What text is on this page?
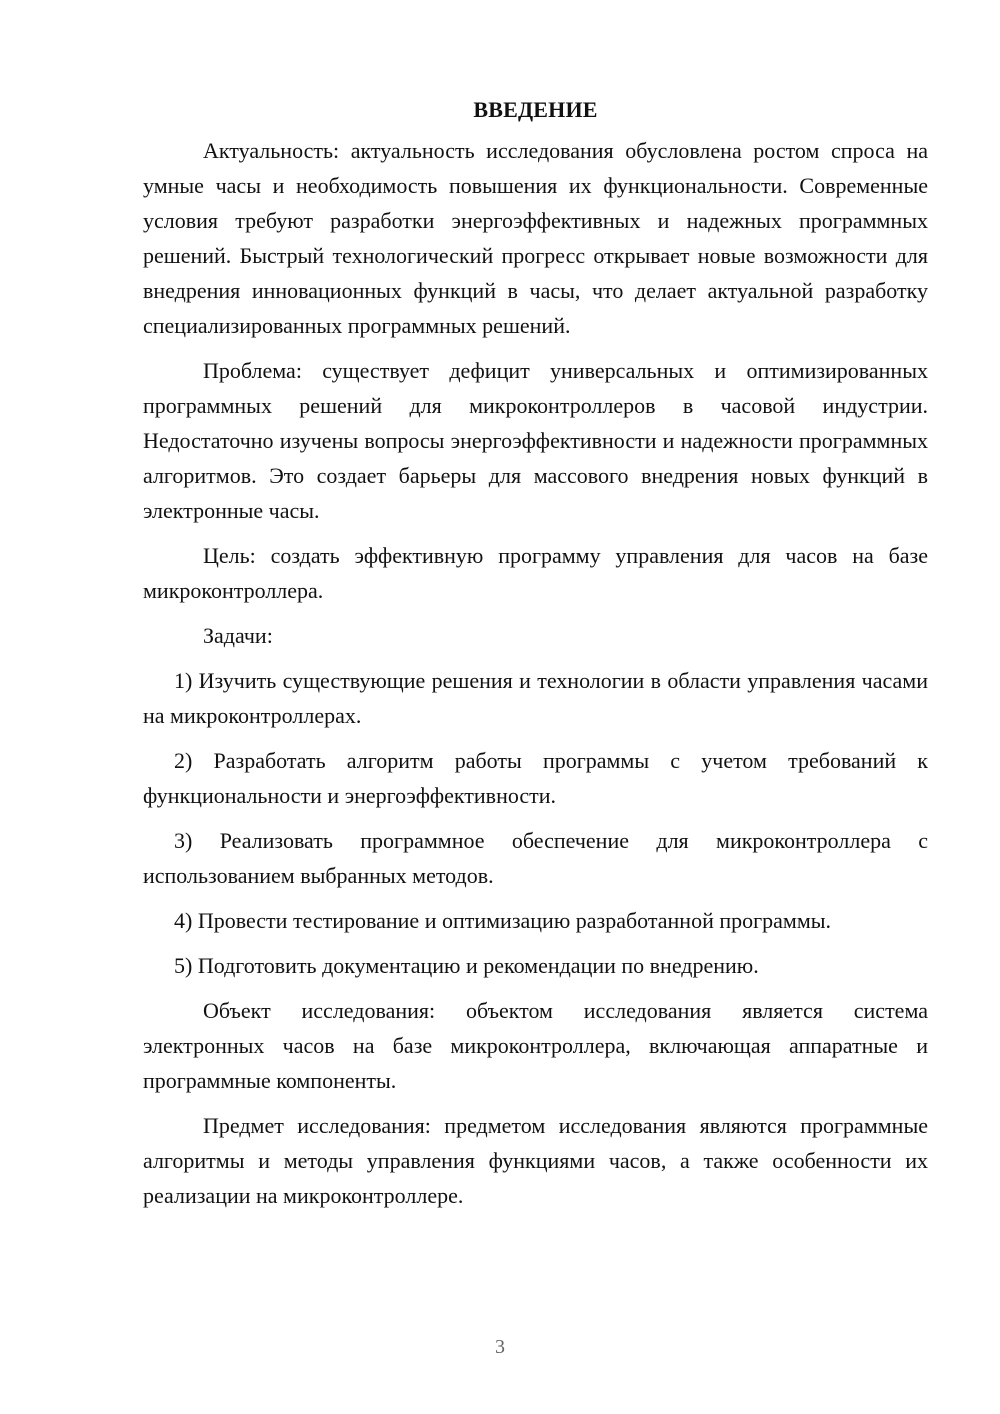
ВВЕДЕНИЕ

Актуальность: актуальность исследования обусловлена ростом спроса на умные часы и необходимость повышения их функциональности. Современные условия требуют разработки энергоэффективных и надежных программных решений. Быстрый технологический прогресс открывает новые возможности для внедрения инновационных функций в часы, что делает актуальной разработку специализированных программных решений.

Проблема: существует дефицит универсальных и оптимизированных программных решений для микроконтроллеров в часовой индустрии. Недостаточно изучены вопросы энергоэффективности и надежности программных алгоритмов. Это создает барьеры для массового внедрения новых функций в электронные часы.

Цель: создать эффективную программу управления для часов на базе микроконтроллера.

Задачи:

1) Изучить существующие решения и технологии в области управления часами на микроконтроллерах.

2) Разработать алгоритм работы программы с учетом требований к функциональности и энергоэффективности.

3) Реализовать программное обеспечение для микроконтроллера с использованием выбранных методов.

4) Провести тестирование и оптимизацию разработанной программы.

5) Подготовить документацию и рекомендации по внедрению.

Объект исследования: объектом исследования является система электронных часов на базе микроконтроллера, включающая аппаратные и программные компоненты.

Предмет исследования: предметом исследования являются программные алгоритмы и методы управления функциями часов, а также особенности их реализации на микроконтроллере.

3
